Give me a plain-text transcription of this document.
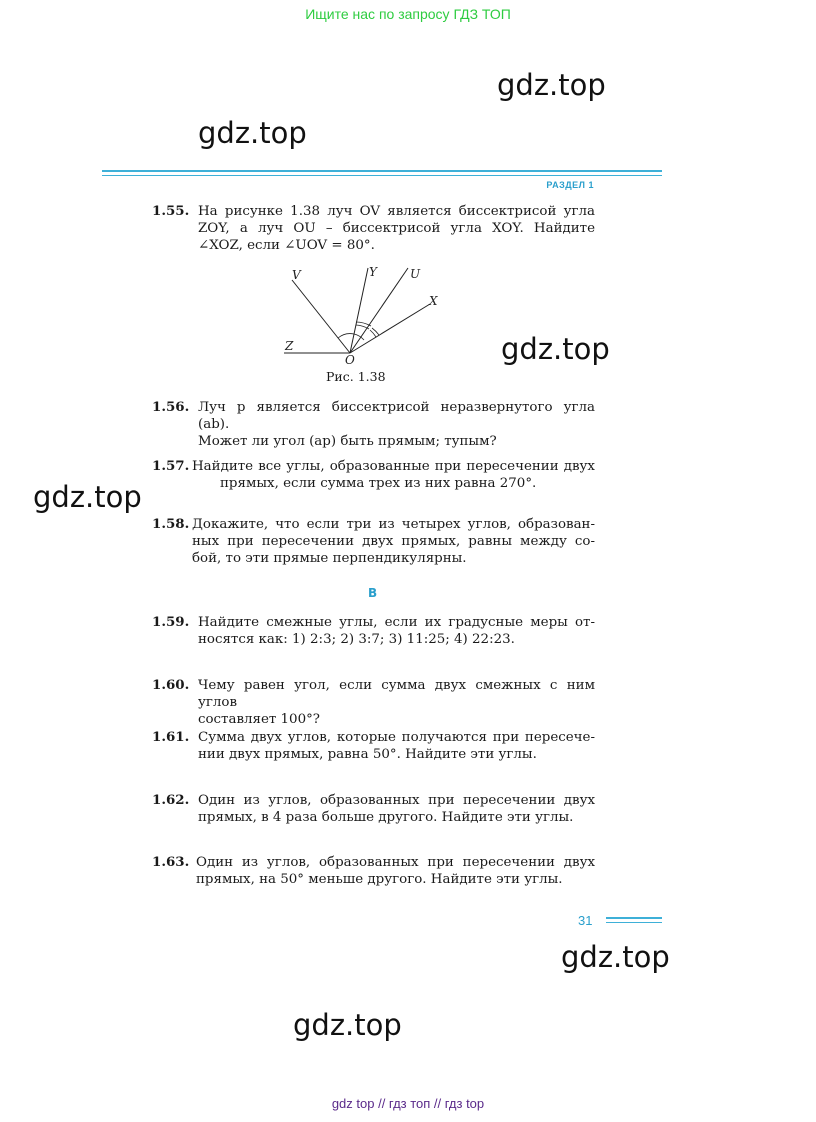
Ищите нас по запросу ГДЗ ТОП
gdz.top
gdz.top
gdz.top
gdz.top
gdz.top
gdz.top
РАЗДЕЛ 1
1.55. На рисунке 1.38 луч OV является биссектрисой угла
ZOY, а луч OU – биссектрисой угла XOY. Найдите
∠XOZ, если ∠UOV = 80°.
V	Y	U
X
Z
O
Рис. 1.38
1.56. Луч p является биссектрисой неразвернутого угла (ab).
Может ли угол (ap) быть прямым; тупым?
1.57. Найдите все углы, образованные при пересечении двух
прямых, если сумма трех из них равна 270°.
1.58. Докажите, что если три из четырех углов, образован-
ных при пересечении двух прямых, равны между со-
бой, то эти прямые перпендикулярны.
В
1.59. Найдите смежные углы, если их градусные меры от-
носятся как: 1) 2:3; 2) 3:7; 3) 11:25; 4) 22:23.
1.60. Чему равен угол, если сумма двух смежных с ним углов
составляет 100°?
1.61. Сумма двух углов, которые получаются при пересече-
нии двух прямых, равна 50°. Найдите эти углы.
1.62. Один из углов, образованных при пересечении двух
прямых, в 4 раза больше другого. Найдите эти углы.
1.63. Один из углов, образованных при пересечении двух
прямых, на 50° меньше другого. Найдите эти углы.
31
gdz top // гдз топ // гдз top
